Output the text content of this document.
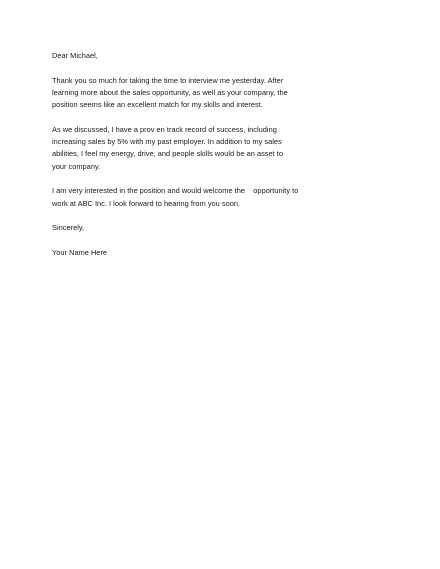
Dear Michael,
Thank you so much for taking the time to interview me yesterday. After
learning more about the sales opportunity, as well as your company, the
position seems like an excellent match for my skills and interest.
As we discussed, I have a prov en track record of success, including
increasing sales by 5% with my past employer. In addition to my sales
abilities, I feel my energy, drive, and people skills would be an asset to
your company.
I am very interested in the position and would welcome the    opportunity to
work at ABC Inc. I look forward to hearing from you soon.
Sincerely,
Your Name Here
